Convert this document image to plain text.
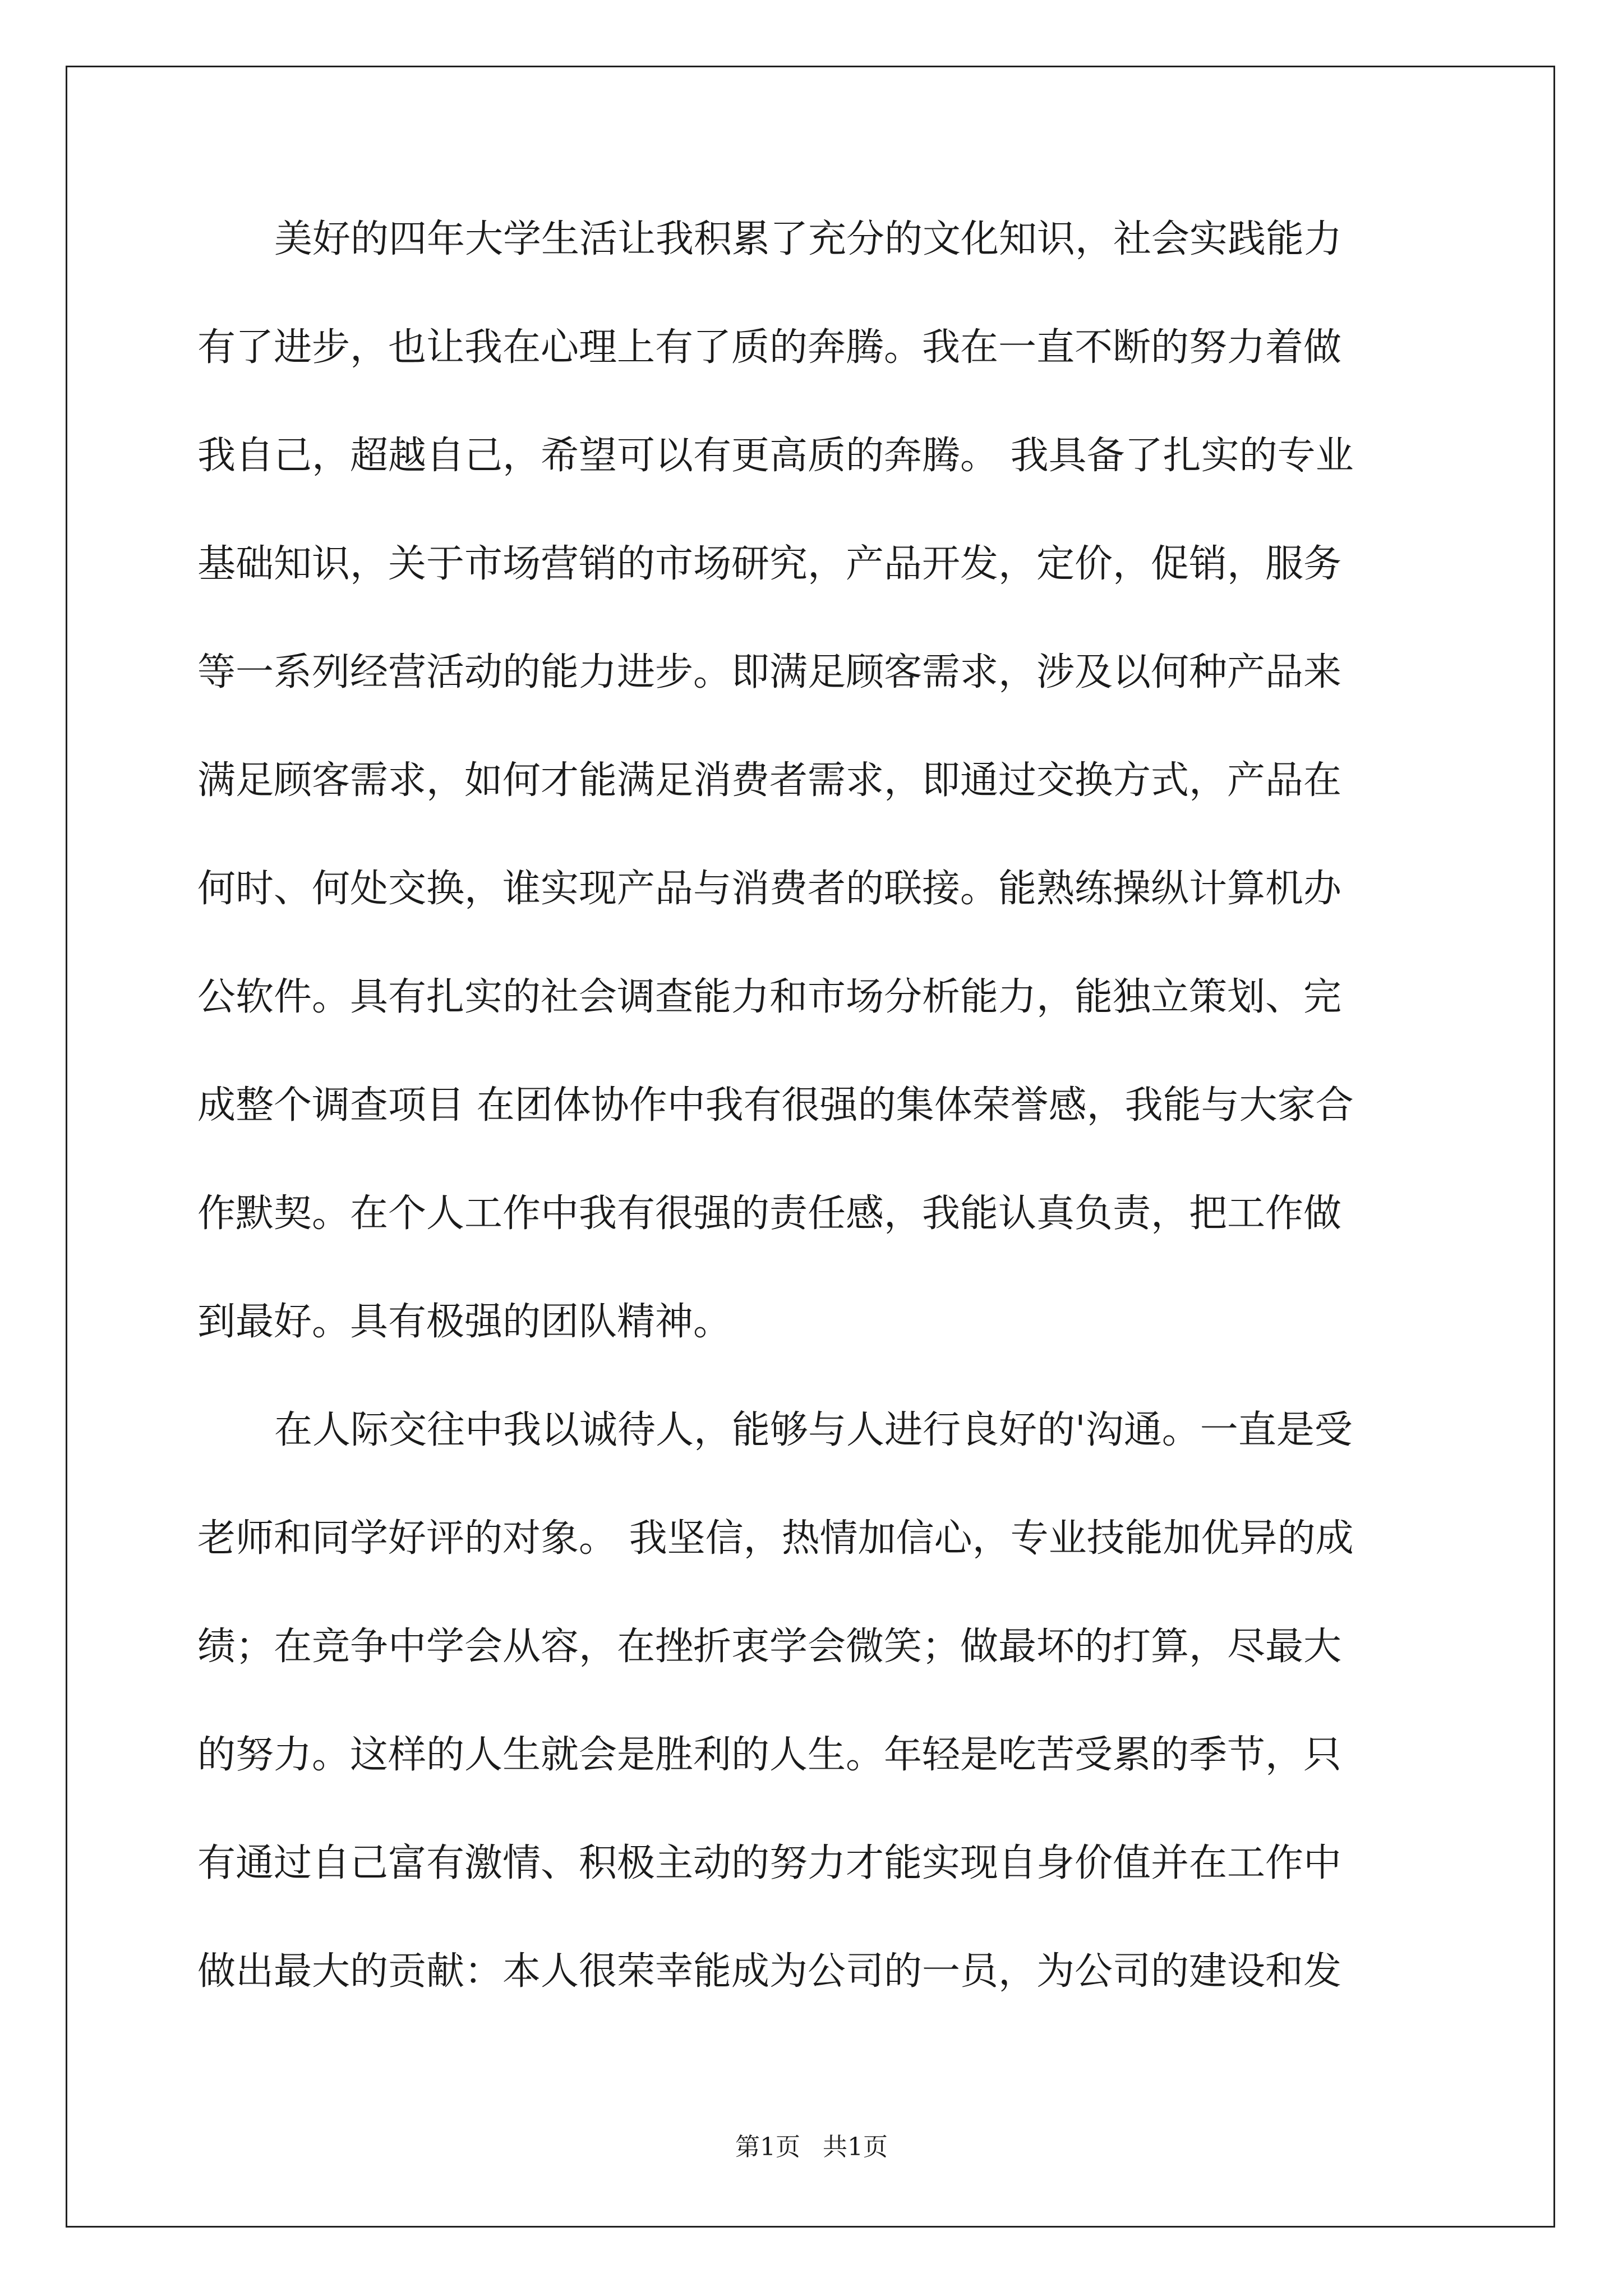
美好的四年大学生活让我积累了充分的文化知识，社会实践能力
有了进步，也让我在心理上有了质的奔腾。我在一直不断的努力着做
我自己，超越自己，希望可以有更高质的奔腾。 我具备了扎实的专业
基础知识，关于市场营销的市场研究，产品开发，定价，促销，服务
等一系列经营活动的能力进步。即满足顾客需求，涉及以何种产品来
满足顾客需求，如何才能满足消费者需求，即通过交换方式，产品在
何时、何处交换，谁实现产品与消费者的联接。能熟练操纵计算机办
公软件。具有扎实的社会调查能力和市场分析能力，能独立策划、完
成整个调查项目 在团体协作中我有很强的集体荣誉感，我能与大家合
作默契。在个人工作中我有很强的责任感，我能认真负责，把工作做
到最好。具有极强的团队精神。
在人际交往中我以诚待人，能够与人进行良好的'沟通。一直是受
老师和同学好评的对象。 我坚信，热情加信心，专业技能加优异的成
绩；在竞争中学会从容，在挫折衷学会微笑；做最坏的打算，尽最大
的努力。这样的人生就会是胜利的人生。年轻是吃苦受累的季节，只
有通过自己富有激情、积极主动的努力才能实现自身价值并在工作中
做出最大的贡献：本人很荣幸能成为公司的一员，为公司的建设和发
第1页 共1页
